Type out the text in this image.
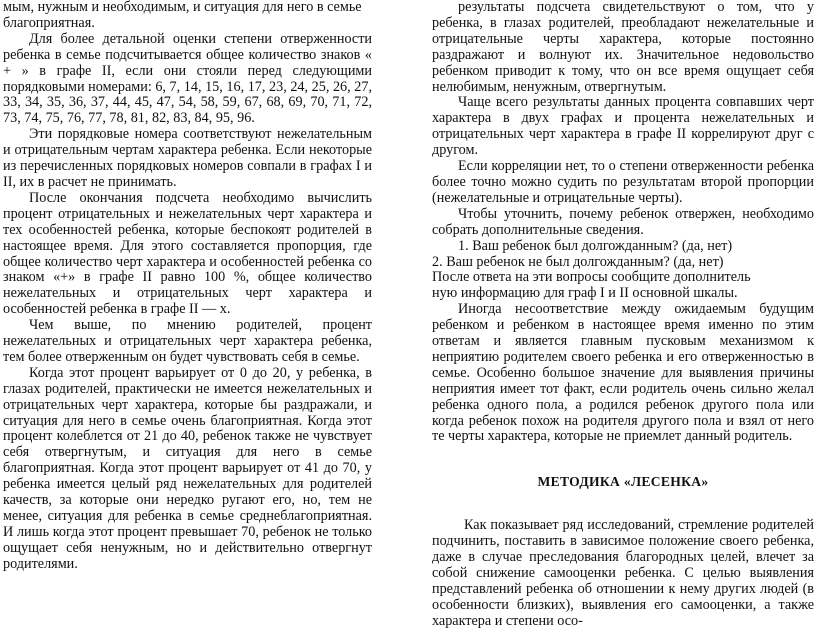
мым, нужным и необходимым, и ситуация для него в семье благоприятная.

Для более детальной оценки степени отверженности ребенка в семье подсчитывается общее количество знаков « + » в графе II, если они стояли перед следующими порядковыми номерами: 6, 7, 14, 15, 16, 17, 23, 24, 25, 26, 27, 33, 34, 35, 36, 37, 44, 45, 47, 54, 58, 59, 67, 68, 69, 70, 71, 72, 73, 74, 75, 76, 77, 78, 81, 82, 83, 84, 95, 96.

Эти порядковые номера соответствуют нежелательным и отрицательным чертам характера ребенка. Если некоторые из перечисленных порядковых номеров совпали в графах I и II, их в расчет не принимать.

После окончания подсчета необходимо вычислить процент отрицательных и нежелательных черт характера и тех особенностей ребенка, которые беспокоят родителей в настоящее время. Для этого составляется пропорция, где общее количество черт характера и особенностей ребенка со знаком «+» в графе II равно 100 %, общее количество нежелательных и отрицательных черт характера и особенностей ребенка в графе II — x.

Чем выше, по мнению родителей, процент нежелательных и отрицательных черт характера ребенка, тем более отверженным он будет чувствовать себя в семье.

Когда этот процент варьирует от 0 до 20, у ребенка, в глазах родителей, практически не имеется нежелательных и отрицательных черт характера, которые бы раздражали, и ситуация для него в семье очень благоприятная. Когда этот процент колеблется от 21 до 40, ребенок также не чувствует себя отвергнутым, и ситуация для него в семье благоприятная. Когда этот процент варьирует от 41 до 70, у ребенка имеется целый ряд нежелательных для родителей качеств, за которые они нередко ругают его, но, тем не менее, ситуация для ребенка в семье среднеблагоприятная. И лишь когда этот процент превышает 70, ребенок не только ощущает себя ненужным, но и действительно отвергнут родителями.

результаты подсчета свидетельствуют о том, что у ребенка, в глазах родителей, преобладают нежелательные и отрицательные черты характера, которые постоянно раздражают и волнуют их. Значительное недовольство ребенком приводит к тому, что он все время ощущает себя нелюбимым, ненужным, отвергнутым.

Чаще всего результаты данных процента совпавших черт характера в двух графах и процента нежелательных и отрицательных черт характера в графе II коррелируют друг с другом.

Если корреляции нет, то о степени отверженности ребенка более точно можно судить по результатам второй пропорции (нежелательные и отрицательные черты).

Чтобы уточнить, почему ребенок отвержен, необходимо собрать дополнительные сведения.

1. Ваш ребенок был долгожданным? (да, нет)

2. Ваш ребенок не был долгожданным? (да, нет)

После ответа на эти вопросы сообщите дополнитель

ную информацию для граф I и II основной шкалы.

Иногда несоответствие между ожидаемым будущим ребенком и ребенком в настоящее время именно по этим ответам и является главным пусковым механизмом к неприятию родителем своего ребенка и его отверженностью в семье. Особенно большое значение для выявления причины неприятия имеет тот факт, если родитель очень сильно желал ребенка одного пола, а родился ребенок другого пола или когда ребенок похож на родителя другого пола и взял от него те черты характера, которые не приемлет данный родитель.

МЕТОДИКА «ЛЕСЕНКА»

Как показывает ряд исследований, стремление родителей подчинить, поставить в зависимое положение своего ребенка, даже в случае преследования благородных целей, влечет за собой снижение самооценки ребенка. С целью выявления представлений ребенка об отношении к нему других людей (в особенности близких), выявления его самооценки, а также характера и степени осо-
